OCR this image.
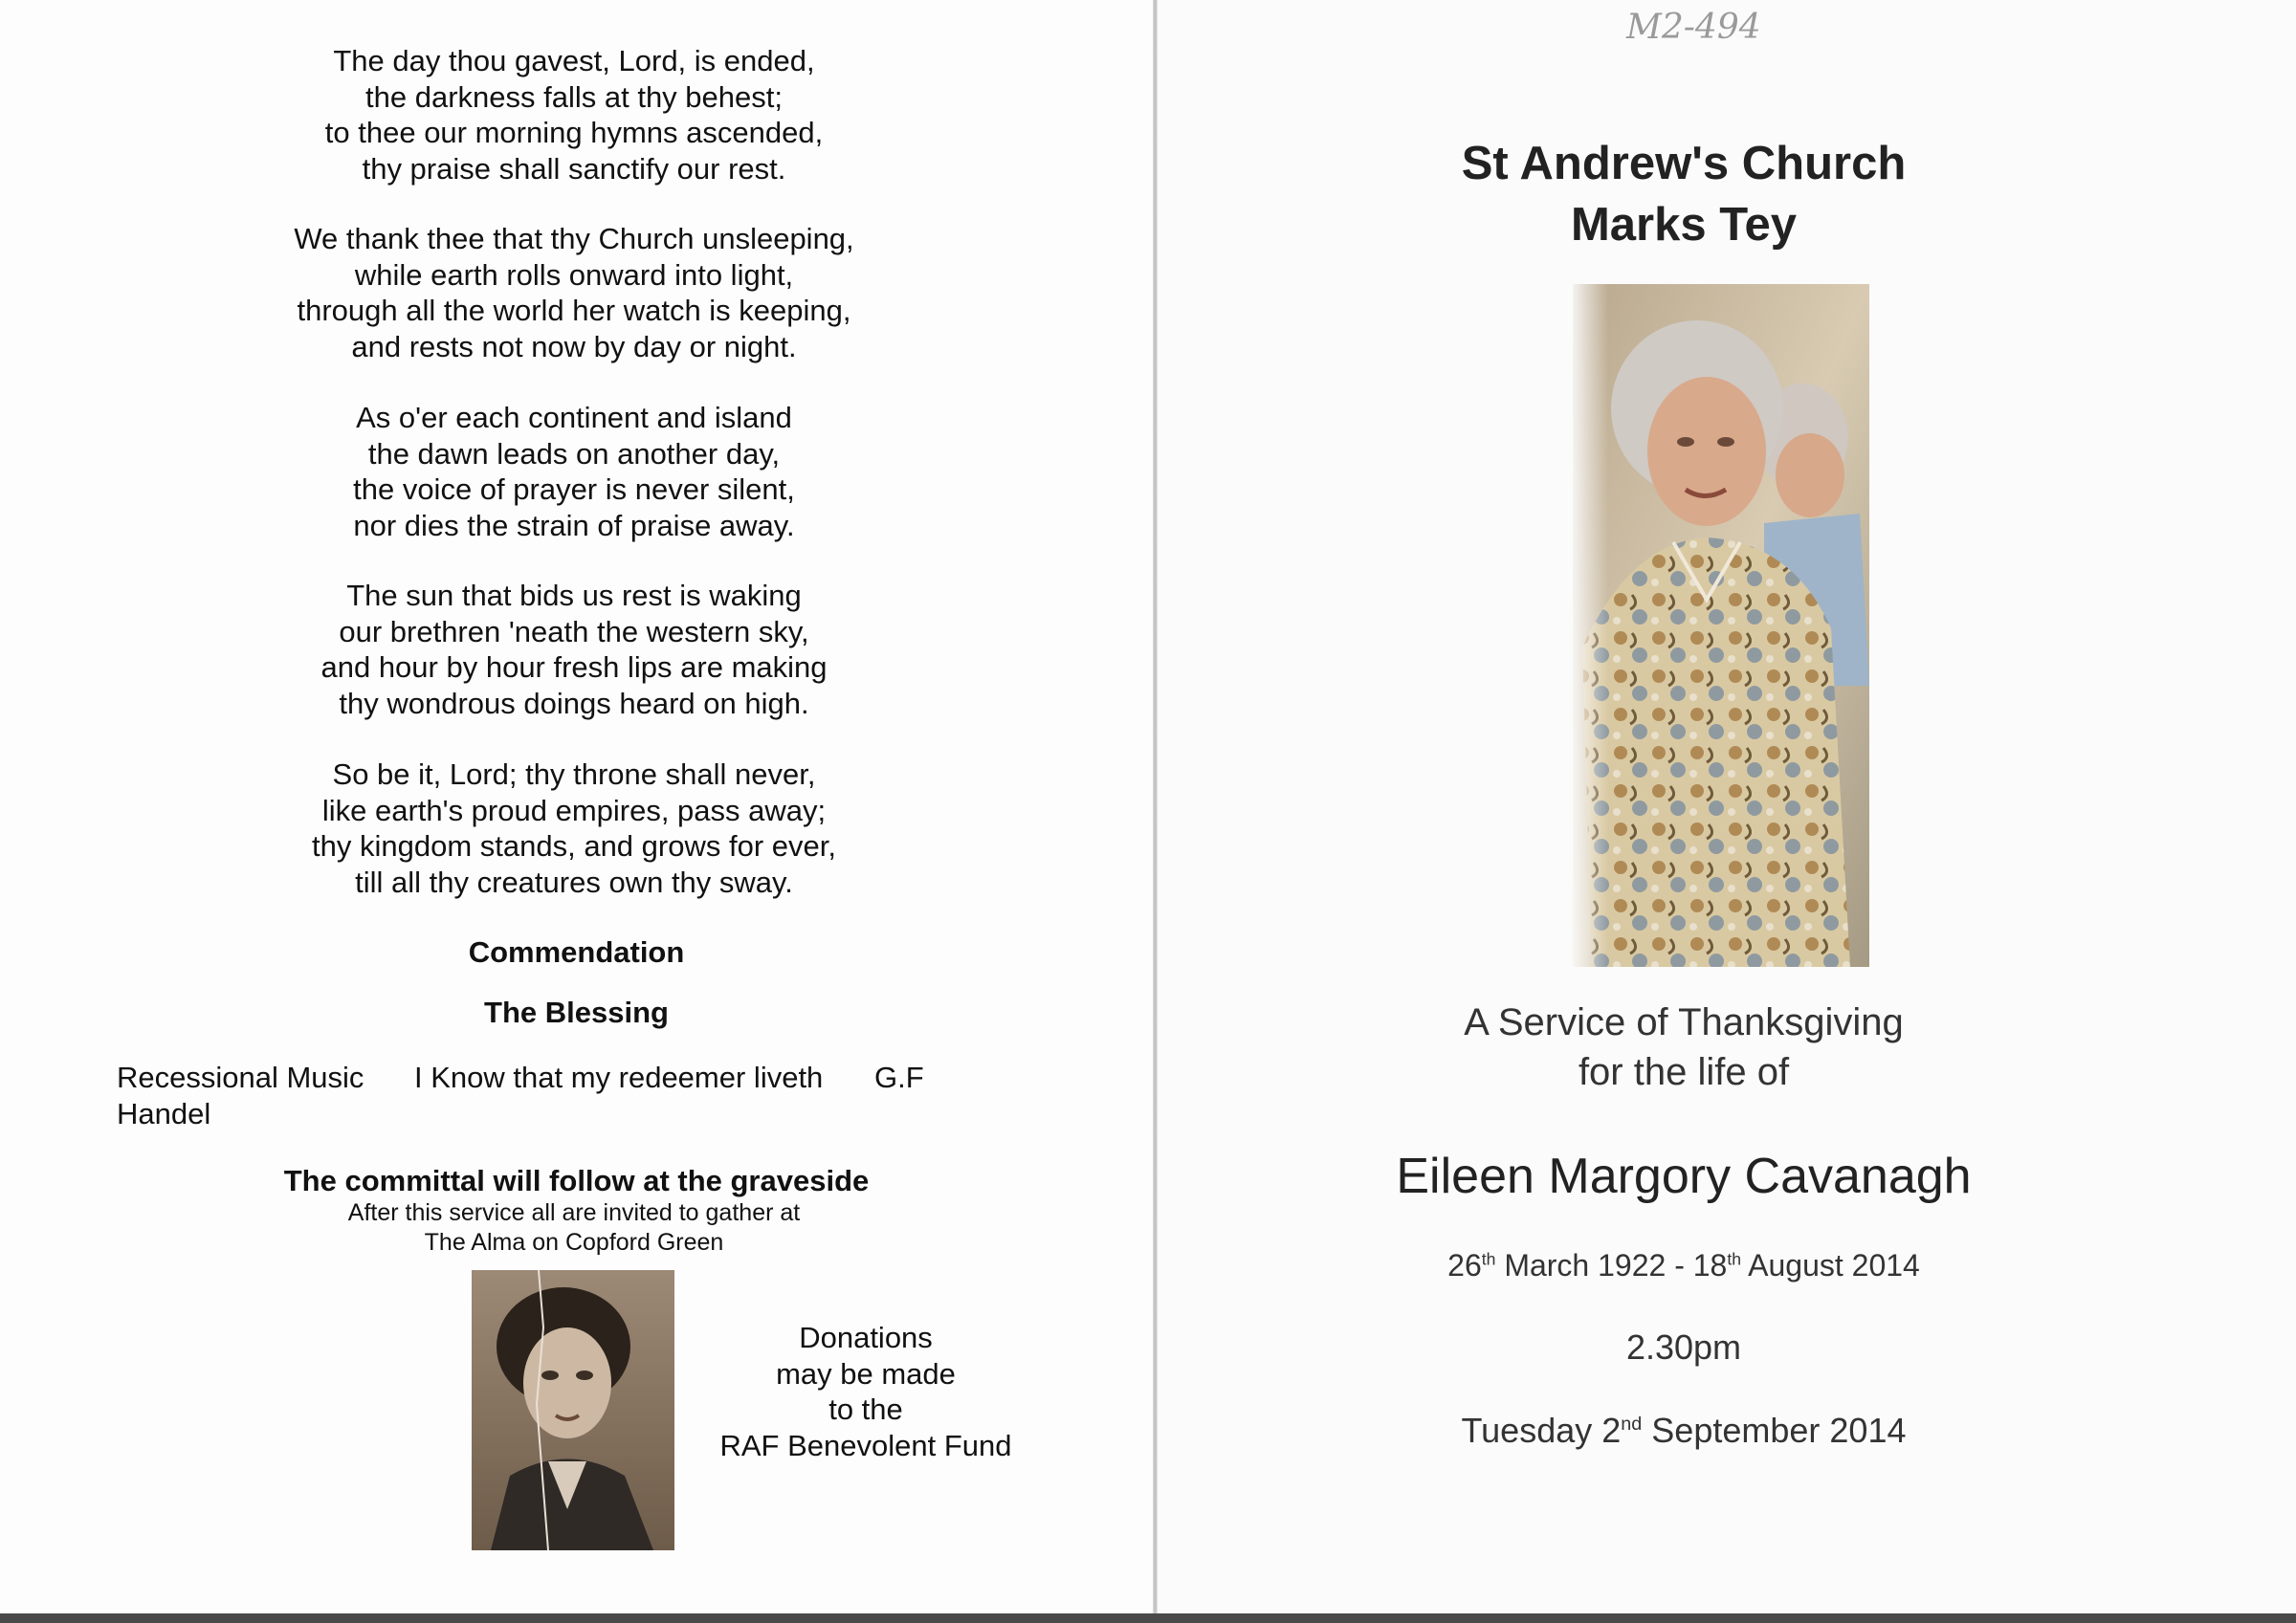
The day thou gavest, Lord, is ended,
the darkness falls at thy behest;
to thee our morning hymns ascended,
thy praise shall sanctify our rest.
We thank thee that thy Church unsleeping,
while earth rolls onward into light,
through all the world her watch is keeping,
and rests not now by day or night.
As o'er each continent and island
the dawn leads on another day,
the voice of prayer is never silent,
nor dies the strain of praise away.
The sun that bids us rest is waking
our brethren 'neath the western sky,
and hour by hour fresh lips are making
thy wondrous doings heard on high.
So be it, Lord; thy throne shall never,
like earth's proud empires, pass away;
thy kingdom stands, and grows for ever,
till all thy creatures own thy sway.

Commendation

The Blessing

Recessional Music I Know that my redeemer liveth G.F

Handel

The committal will follow at the graveside

After this service all are invited to gather at

The Alma on Copford Green

Donations
may be made
to the
RAF Benevolent Fund
M2-494
St Andrew's Church
Marks Tey
A Service of Thanksgiving
for the life of
Eileen Margory Cavanagh
26th March 1922 - 18th August 2014
2.30pm
Tuesday 2nd September 2014
